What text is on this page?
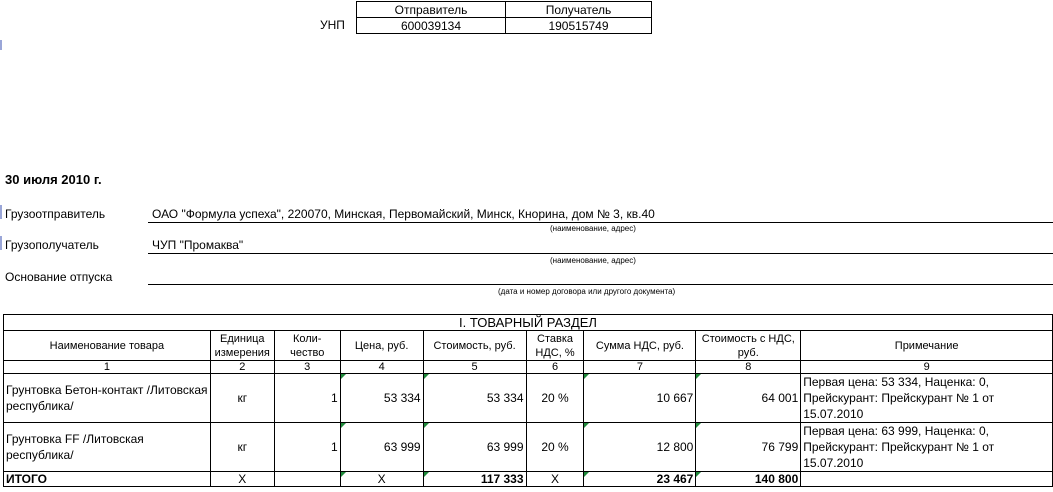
УНП
Отправитель	Получатель
600039134	190515749
30 июля 2010 г.
Грузоотправитель	ОАО "Формула успеха", 220070, Минская, Первомайский, Минск, Кнорина, дом № 3, кв.40
(наименование, адрес)
Грузополучатель	ЧУП "Промаква"
(наименование, адрес)
Основание отпуска
(дата и номер договора или другого документа)
I. ТОВАРНЫЙ РАЗДЕЛ								
Наименование товара	Единица измерения	Коли-чество	Цена, руб.	Стоимость, руб.	Ставка НДС, %	Сумма НДС, руб.	Стоимость с НДС, руб.	Примечание
1	2	3	4	5	6	7	8	9
Грунтовка Бетон-контакт /Литовская республика/	кг	1	53 334	53 334	20 %	10 667	64 001	Первая цена: 53 334, Наценка: 0, Прейскурант: Прейскурант № 1 от 15.07.2010
Грунтовка FF /Литовская республика/	кг	1	63 999	63 999	20 %	12 800	76 799	Первая цена: 63 999, Наценка: 0, Прейскурант: Прейскурант № 1 от 15.07.2010
ИТОГО	Х		Х	117 333	Х	23 467	140 800	
